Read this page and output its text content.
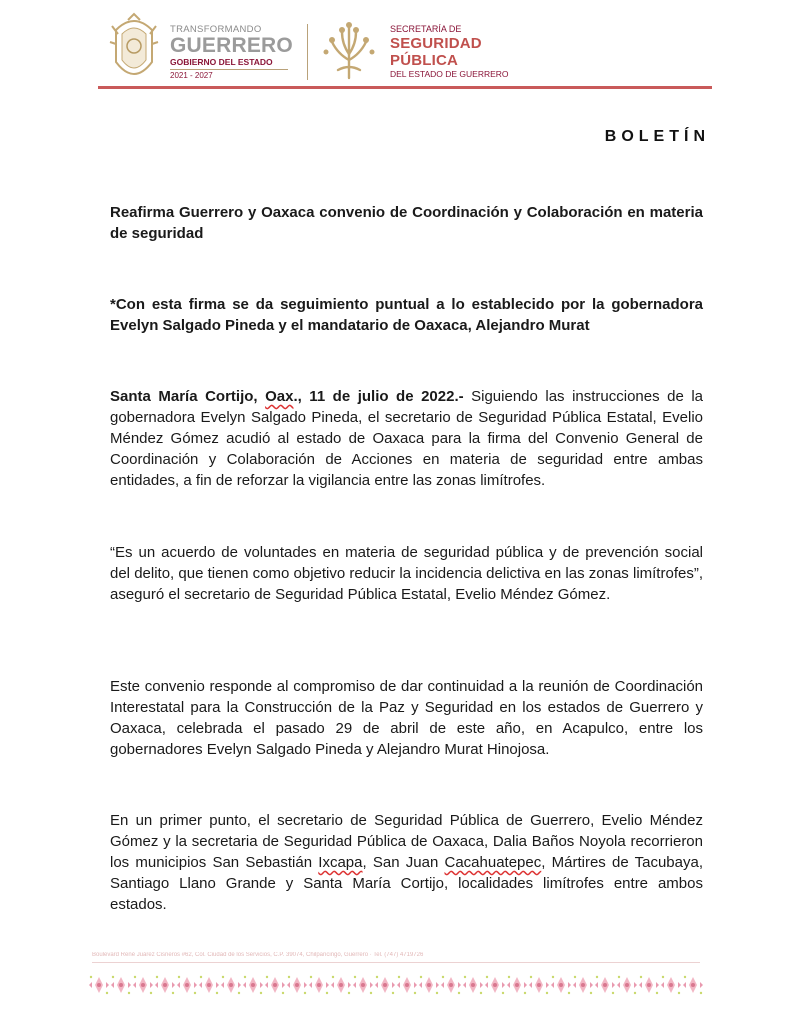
TRANSFORMANDO
GUERRERO
GOBIERNO DEL ESTADO
2021 - 2027
SECRETARÍA DE
SEGURIDAD
PÚBLICA
DEL ESTADO DE GUERRERO
BOLETÍN
Reafirma Guerrero y Oaxaca convenio de Coordinación y Colaboración en materia de seguridad
*Con esta firma se da seguimiento puntual a lo establecido por la gobernadora Evelyn Salgado Pineda y el mandatario de Oaxaca, Alejandro Murat
Santa María Cortijo, Oax., 11 de julio de 2022.- Siguiendo las instrucciones de la gobernadora Evelyn Salgado Pineda, el secretario de Seguridad Pública Estatal, Evelio Méndez Gómez acudió al estado de Oaxaca para la firma del Convenio General de Coordinación y Colaboración de Acciones en materia de seguridad entre ambas entidades, a fin de reforzar la vigilancia entre las zonas limítrofes.
“Es un acuerdo de voluntades en materia de seguridad pública y de prevención social del delito, que tienen como objetivo reducir la incidencia delictiva en las zonas limítrofes”, aseguró el secretario de Seguridad Pública Estatal, Evelio Méndez Gómez.
Este convenio responde al compromiso de dar continuidad a la reunión de Coordinación Interestatal para la Construcción de la Paz y Seguridad en los estados de Guerrero y Oaxaca, celebrada el pasado 29 de abril de este año, en Acapulco, entre los gobernadores Evelyn Salgado Pineda y Alejandro Murat Hinojosa.
En un primer punto, el secretario de Seguridad Pública de Guerrero, Evelio Méndez Gómez y la secretaria de Seguridad Pública de Oaxaca, Dalia Baños Noyola recorrieron los municipios San Sebastián Ixcapa, San Juan Cacahuatepec, Mártires de Tacubaya, Santiago Llano Grande y Santa María Cortijo, localidades limítrofes entre ambos estados.
Boulevard René Juárez Cisneros #62, Col. Ciudad de los Servicios, C.P. 39074, Chilpancingo, Guerrero · Tel. (747) 4719726
